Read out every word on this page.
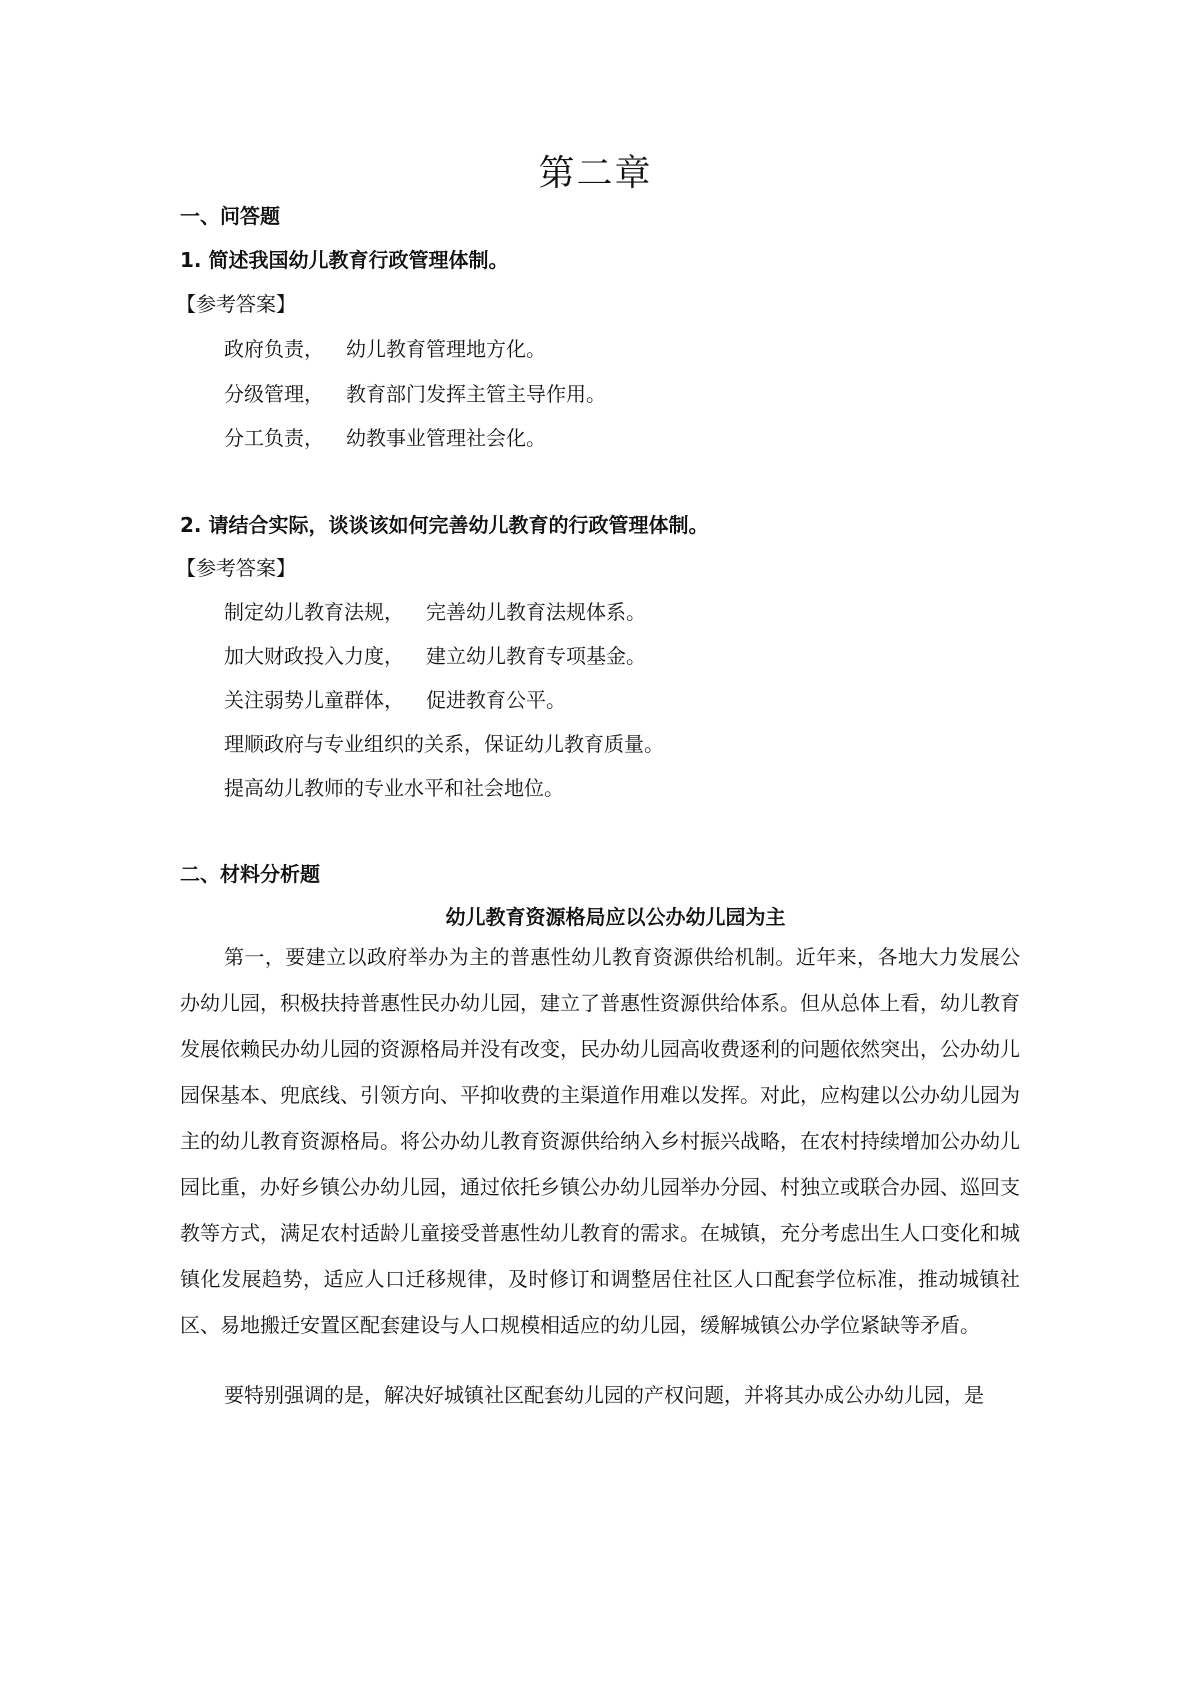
第二章
一、问答题
1. 简述我国幼儿教育行政管理体制。
【参考答案】
政府负责， 幼儿教育管理地方化。
分级管理， 教育部门发挥主管主导作用。
分工负责， 幼教事业管理社会化。
2. 请结合实际，谈谈该如何完善幼儿教育的行政管理体制。
【参考答案】
制定幼儿教育法规， 完善幼儿教育法规体系。
加大财政投入力度， 建立幼儿教育专项基金。
关注弱势儿童群体， 促进教育公平。
理顺政府与专业组织的关系，保证幼儿教育质量。
提高幼儿教师的专业水平和社会地位。
二、材料分析题
幼儿教育资源格局应以公办幼儿园为主
第一，要建立以政府举办为主的普惠性幼儿教育资源供给机制。近年来，各地大力发展公办幼儿园，积极扶持普惠性民办幼儿园，建立了普惠性资源供给体系。但从总体上看，幼儿教育发展依赖民办幼儿园的资源格局并没有改变，民办幼儿园高收费逐利的问题依然突出，公办幼儿园保基本、兜底线、引领方向、平抑收费的主渠道作用难以发挥。对此，应构建以公办幼儿园为主的幼儿教育资源格局。将公办幼儿教育资源供给纳入乡村振兴战略，在农村持续增加公办幼儿园比重，办好乡镇公办幼儿园，通过依托乡镇公办幼儿园举办分园、村独立或联合办园、巡回支教等方式，满足农村适龄儿童接受普惠性幼儿教育的需求。在城镇，充分考虑出生人口变化和城镇化发展趋势，适应人口迁移规律，及时修订和调整居住社区人口配套学位标准，推动城镇社区、易地搬迁安置区配套建设与人口规模相适应的幼儿园，缓解城镇公办学位紧缺等矛盾。
要特别强调的是，解决好城镇社区配套幼儿园的产权问题，并将其办成公办幼儿园，是
